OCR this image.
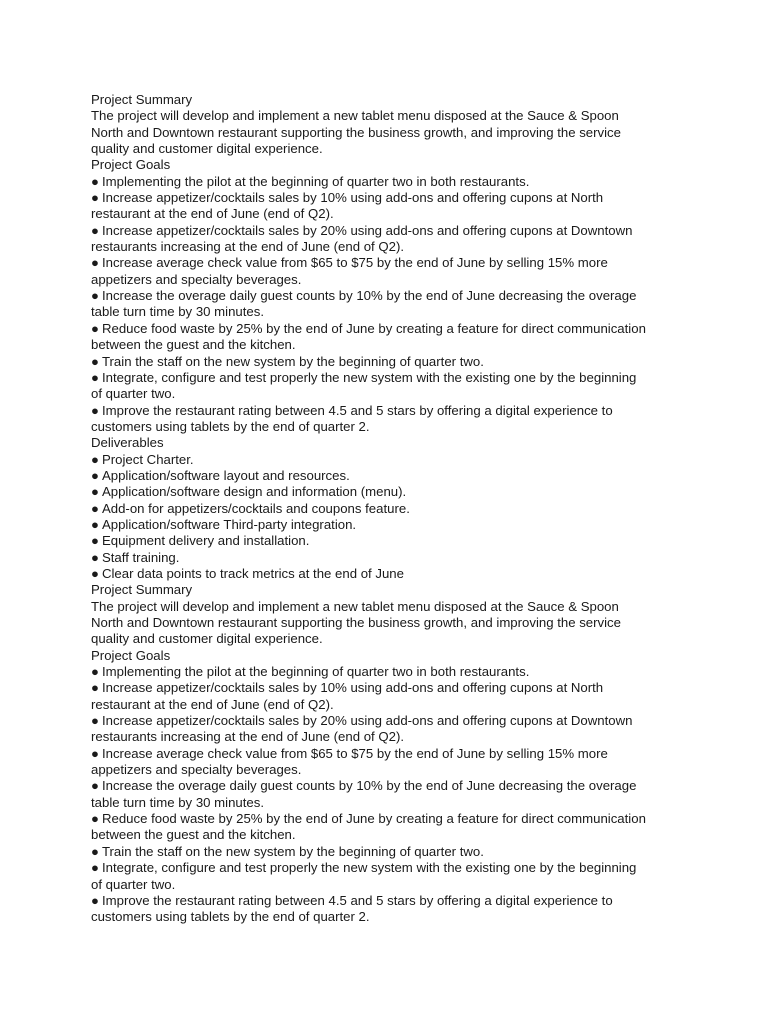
Project Summary

The project will develop and implement a new tablet menu disposed at the Sauce & Spoon North and Downtown restaurant supporting the business growth, and improving the service quality and customer digital experience.

Project Goals

● Implementing the pilot at the beginning of quarter two in both restaurants.

● Increase appetizer/cocktails sales by 10% using add-ons and offering cupons at North restaurant at the end of June (end of Q2).

● Increase appetizer/cocktails sales by 20% using add-ons and offering cupons at Downtown restaurants increasing at the end of June (end of Q2).

● Increase average check value from $65 to $75 by the end of June by selling 15% more appetizers and specialty beverages.

● Increase the overage daily guest counts by 10% by the end of June decreasing the overage table turn time by 30 minutes.

● Reduce food waste by 25% by the end of June by creating a feature for direct communication between the guest and the kitchen.

● Train the staff on the new system by the beginning of quarter two.

● Integrate, configure and test properly the new system with the existing one by the beginning of quarter two.

● Improve the restaurant rating between 4.5 and 5 stars by offering a digital experience to customers using tablets by the end of quarter 2.

Deliverables

● Project Charter.

● Application/software layout and resources.

● Application/software design and information (menu).

● Add-on for appetizers/cocktails and coupons feature.

● Application/software Third-party integration.

● Equipment delivery and installation.

● Staff training.

● Clear data points to track metrics at the end of June

Project Summary

The project will develop and implement a new tablet menu disposed at the Sauce & Spoon North and Downtown restaurant supporting the business growth, and improving the service quality and customer digital experience.

Project Goals

● Implementing the pilot at the beginning of quarter two in both restaurants.

● Increase appetizer/cocktails sales by 10% using add-ons and offering cupons at North restaurant at the end of June (end of Q2).

● Increase appetizer/cocktails sales by 20% using add-ons and offering cupons at Downtown restaurants increasing at the end of June (end of Q2).

● Increase average check value from $65 to $75 by the end of June by selling 15% more appetizers and specialty beverages.

● Increase the overage daily guest counts by 10% by the end of June decreasing the overage table turn time by 30 minutes.

● Reduce food waste by 25% by the end of June by creating a feature for direct communication between the guest and the kitchen.

● Train the staff on the new system by the beginning of quarter two.

● Integrate, configure and test properly the new system with the existing one by the beginning of quarter two.

● Improve the restaurant rating between 4.5 and 5 stars by offering a digital experience to customers using tablets by the end of quarter 2.
